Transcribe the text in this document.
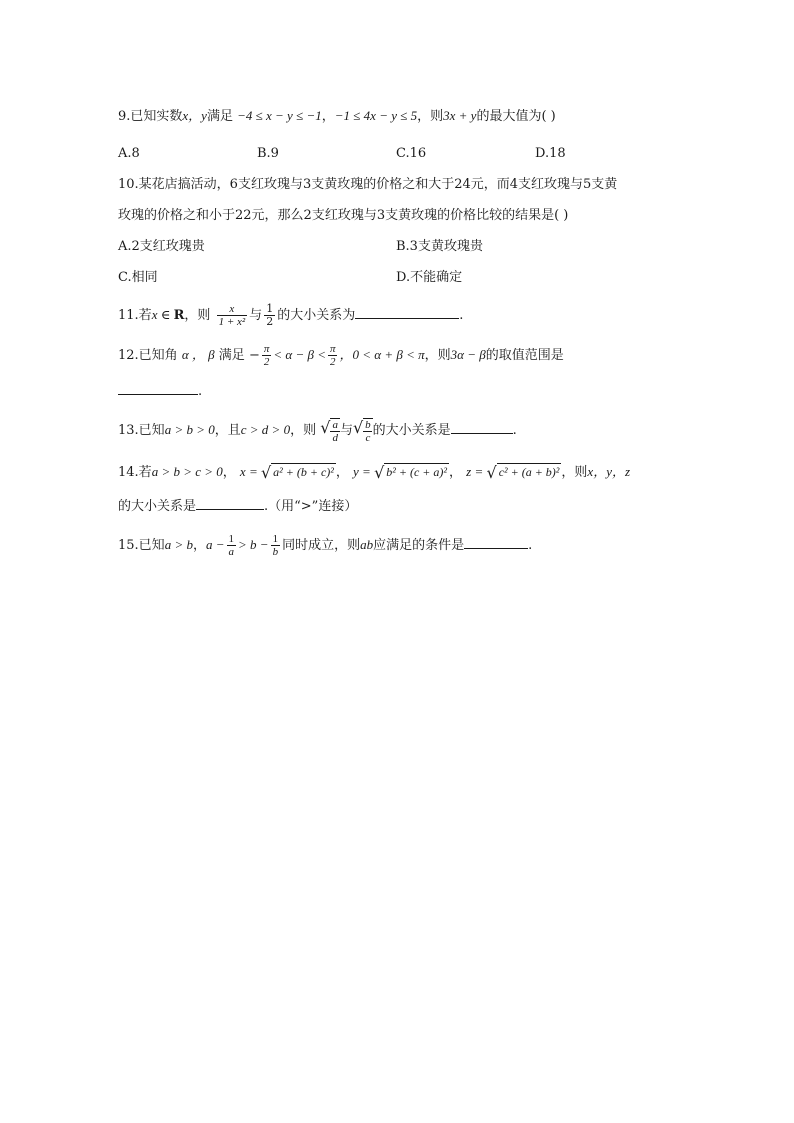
9.已知实数x，y满足 −4 ≤ x − y ≤ −1，−1 ≤ 4x − y ≤ 5，则3x + y的最大值为( )
A.8	B.9	C.16	D.18
10.某花店搞活动，6支红玫瑰与3支黄玫瑰的价格之和大于24元，而4支红玫瑰与5支黄
玫瑰的价格之和小于22元，那么2支红玫瑰与3支黄玫瑰的价格比较的结果是( )
A.2支红玫瑰贵	B.3支黄玫瑰贵
C.相同	D.不能确定
11.若x ∈ R，则 $\frac{x}{\text{1 + x²}}$ 与 $\frac{1}{2}$ 的大小关系为	.
12.已知角 α ， β 满足 − $\frac{\pi}{2} < \alpha - \beta < \frac{\pi}{2}$ ，0 < α + β < π，则3α − β的取值范围是
.
13.已知a > b > 0，且c > d > 0，则 √ $\frac{a}{d}$ 与 √ $\frac{b}{c}$ 的大小关系是	.
14.若a > b > c > 0， x = √ a² + (b + c)² ， y = √ b² + (c + a)² ， z = √ c² + (a + b)² ，则x，y，z
的大小关系是	.（用“>”连接）
15.已知a > b，$a - \frac{1}{a} > b - \frac{1}{b}$ 同时成立，则ab应满足的条件是	.
